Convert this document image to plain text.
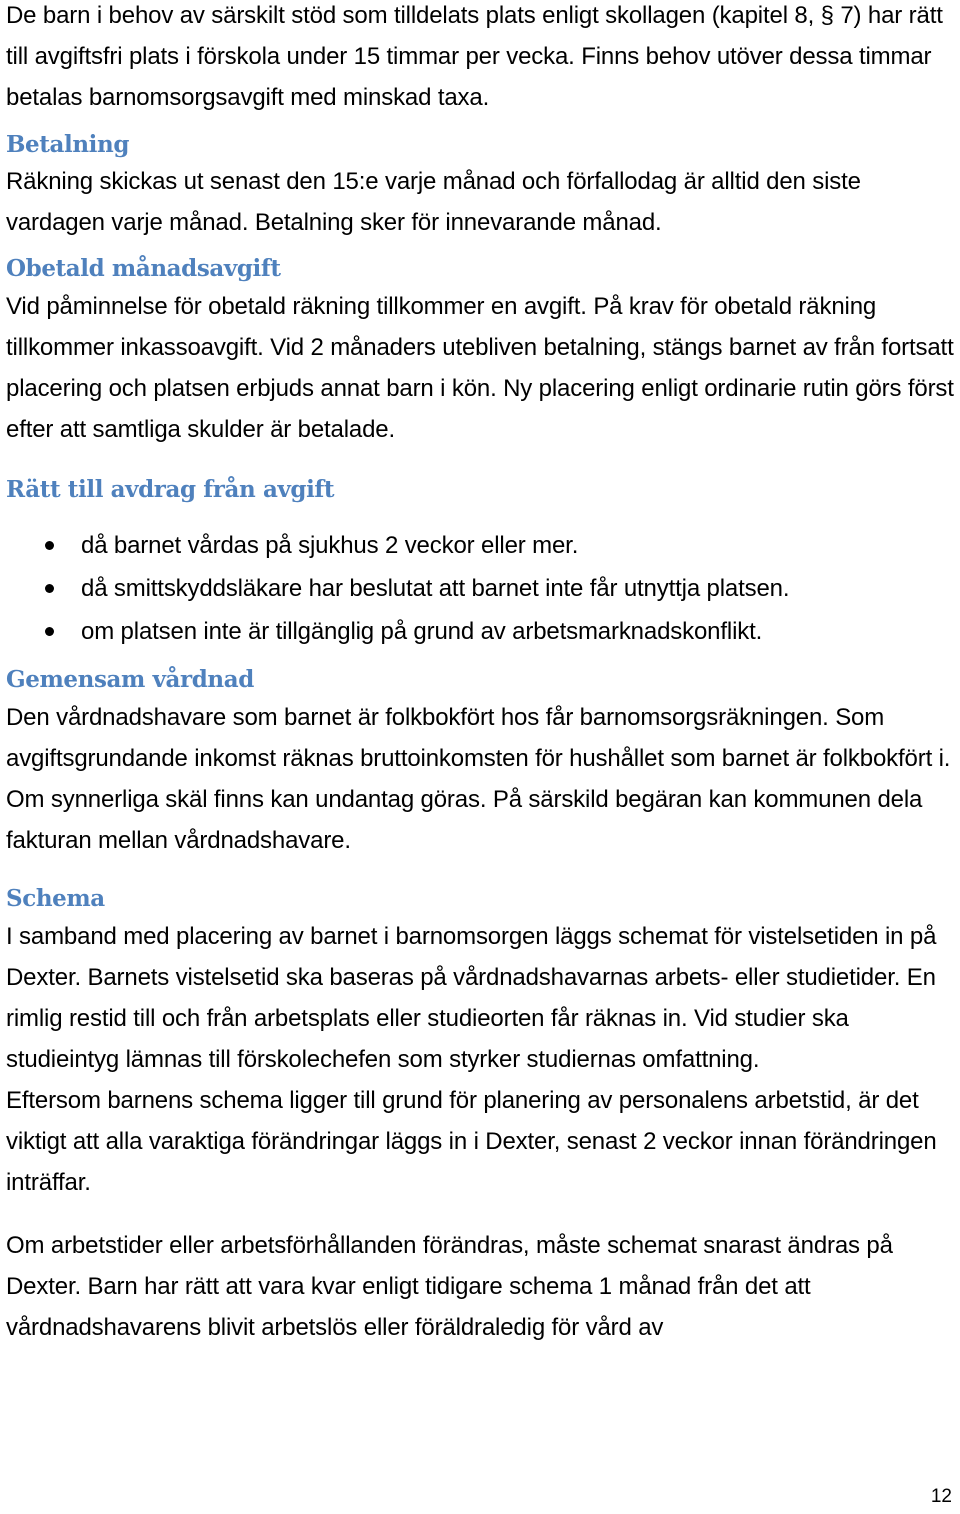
De barn i behov av särskilt stöd som tilldelats plats enligt skollagen (kapitel 8, § 7) har rätt till avgiftsfri plats i förskola under 15 timmar per vecka. Finns behov utöver dessa timmar betalas barnomsorgsavgift med minskad taxa.

Betalning

Räkning skickas ut senast den 15:e varje månad och förfallodag är alltid den siste vardagen varje månad. Betalning sker för innevarande månad.

Obetald månadsavgift

Vid påminnelse för obetald räkning tillkommer en avgift. På krav för obetald räkning tillkommer inkassoavgift. Vid 2 månaders utebliven betalning, stängs barnet av från fortsatt placering och platsen erbjuds annat barn i kön. Ny placering enligt ordinarie rutin görs först efter att samtliga skulder är betalade.

Rätt till avdrag från avgift
då barnet vårdas på sjukhus 2 veckor eller mer.
då smittskyddsläkare har beslutat att barnet inte får utnyttja platsen.
om platsen inte är tillgänglig på grund av arbetsmarknadskonflikt.
Gemensam vårdnad

Den vårdnadshavare som barnet är folkbokfört hos får barnomsorgsräkningen. Som avgiftsgrundande inkomst räknas bruttoinkomsten för hushållet som barnet är folkbokfört i. Om synnerliga skäl finns kan undantag göras. På särskild begäran kan kommunen dela fakturan mellan vårdnadshavare.

Schema

I samband med placering av barnet i barnomsorgen läggs schemat för vistelsetiden in på Dexter. Barnets vistelsetid ska baseras på vårdnadshavarnas arbets- eller studietider. En rimlig restid till och från arbetsplats eller studieorten får räknas in. Vid studier ska studieintyg lämnas till förskolechefen som styrker studiernas omfattning.

Eftersom barnens schema ligger till grund för planering av personalens arbetstid, är det viktigt att alla varaktiga förändringar läggs in i Dexter, senast 2 veckor innan förändringen inträffar.

Om arbetstider eller arbetsförhållanden förändras, måste schemat snarast ändras på Dexter. Barn har rätt att vara kvar enligt tidigare schema 1 månad från det att vårdnadshavarens blivit arbetslös eller föräldraledig för vård av

12
